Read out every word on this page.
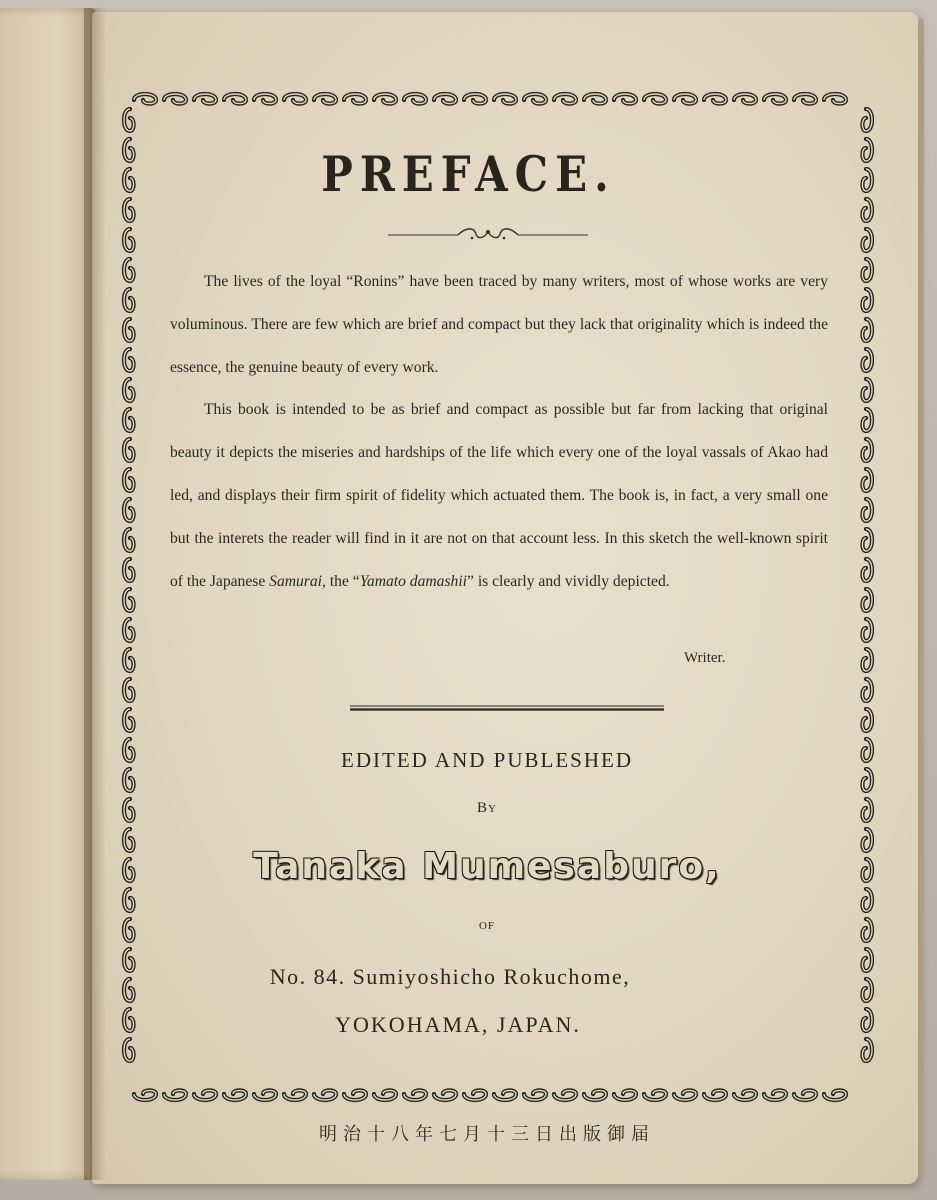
PREFACE.

The lives of the loyal “Ronins” have been traced by many writers, most of whose works are very voluminous. There are few which are brief and compact but they lack that originality which is indeed the essence, the genuine beauty of every work.

This book is intended to be as brief and compact as possible but far from lacking that original beauty it depicts the miseries and hardships of the life which every one of the loyal vassals of Akao had led, and displays their firm spirit of fidelity which actuated them. The book is, in fact, a very small one but the interets the reader will find in it are not on that account less. In this sketch the well-known spirit of the Japanese Samurai, the “Yamato damashii” is clearly and vividly depicted.

Writer.
EDITED AND PUBLESHED
By
Tanaka Mumesaburo,
OF
No. 84. Sumiyoshicho Rokuchome,
YOKOHAMA, JAPAN.
明治十八年七月十三日出版御届
